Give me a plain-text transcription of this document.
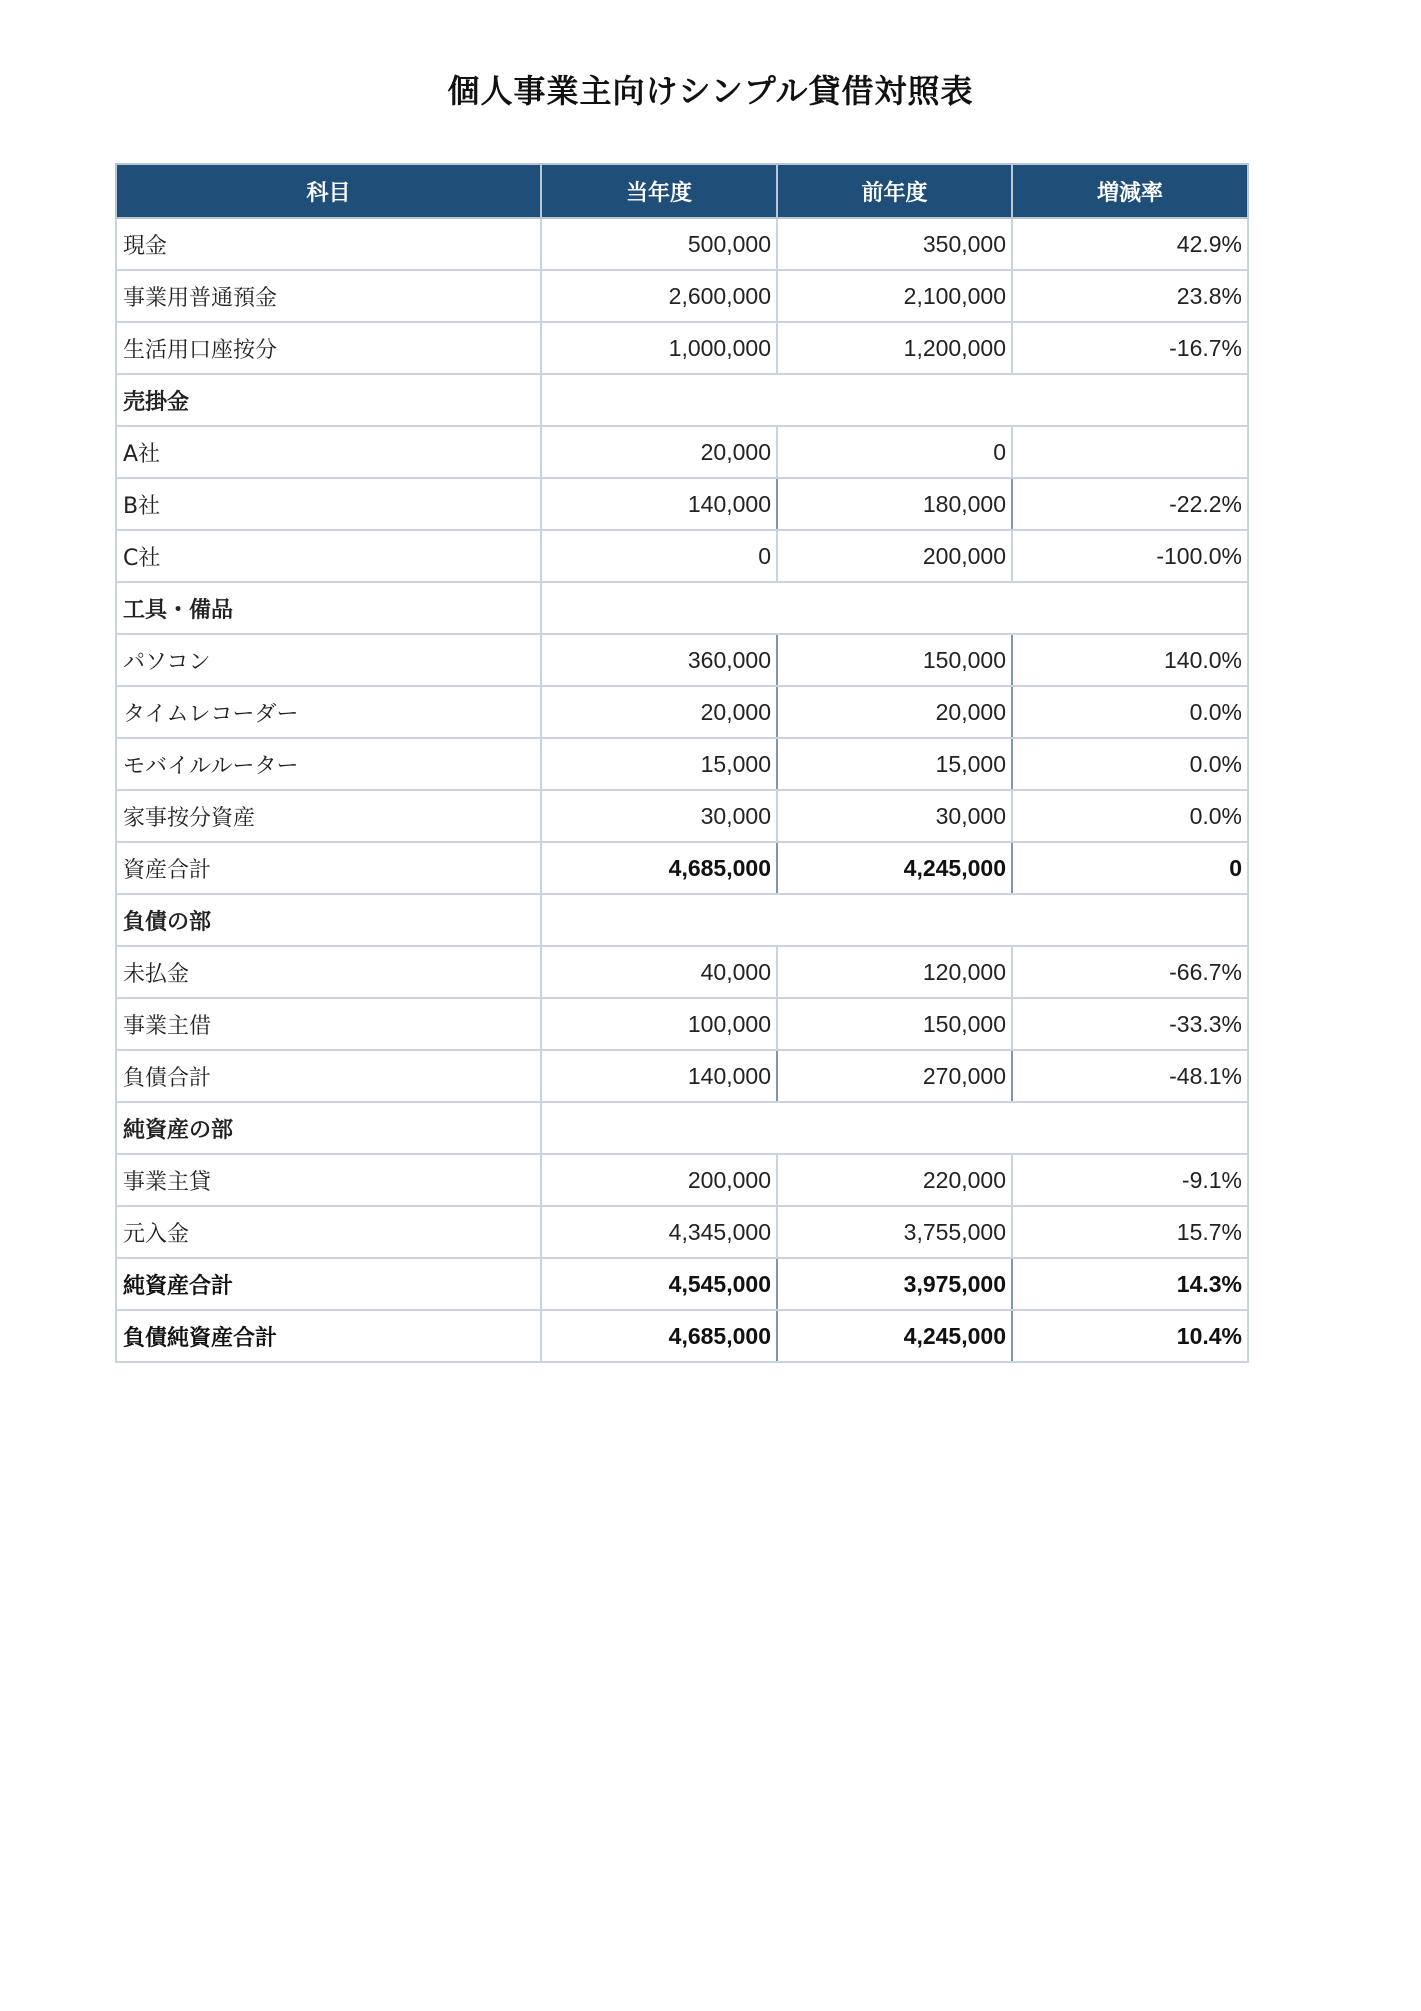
個人事業主向けシンプル貸借対照表
科目	当年度	前年度	増減率
現金	500,000	350,000	42.9%
事業用普通預金	2,600,000	2,100,000	23.8%
生活用口座按分	1,000,000	1,200,000	-16.7%
売掛金			
A社	20,000	0	
B社	140,000	180,000	-22.2%
C社	0	200,000	-100.0%
工具・備品			
パソコン	360,000	150,000	140.0%
タイムレコーダー	20,000	20,000	0.0%
モバイルルーター	15,000	15,000	0.0%
家事按分資産	30,000	30,000	0.0%
資産合計	4,685,000	4,245,000	0
負債の部			
未払金	40,000	120,000	-66.7%
事業主借	100,000	150,000	-33.3%
負債合計	140,000	270,000	-48.1%
純資産の部			
事業主貸	200,000	220,000	-9.1%
元入金	4,345,000	3,755,000	15.7%
純資産合計	4,545,000	3,975,000	14.3%
負債純資産合計	4,685,000	4,245,000	10.4%
